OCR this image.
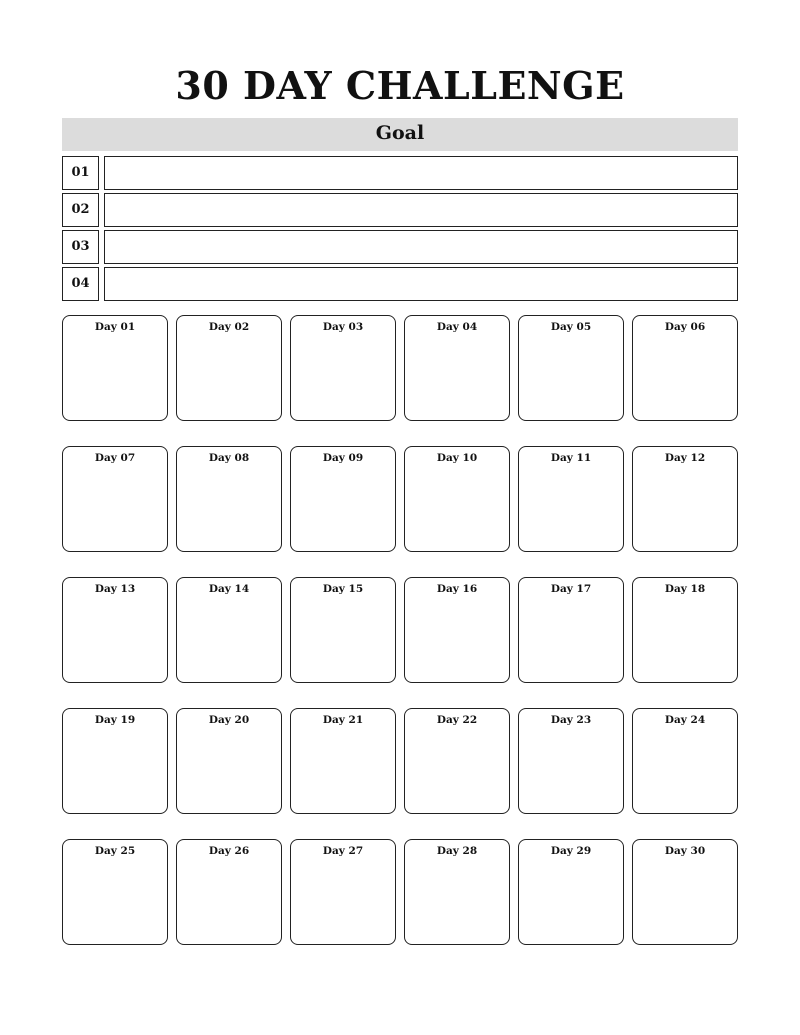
30 DAY CHALLENGE
Goal
01
02
03
04
Day 01	Day 02	Day 03	Day 04	Day 05	Day 06
Day 07	Day 08	Day 09	Day 10	Day 11	Day 12
Day 13	Day 14	Day 15	Day 16	Day 17	Day 18
Day 19	Day 20	Day 21	Day 22	Day 23	Day 24
Day 25	Day 26	Day 27	Day 28	Day 29	Day 30
